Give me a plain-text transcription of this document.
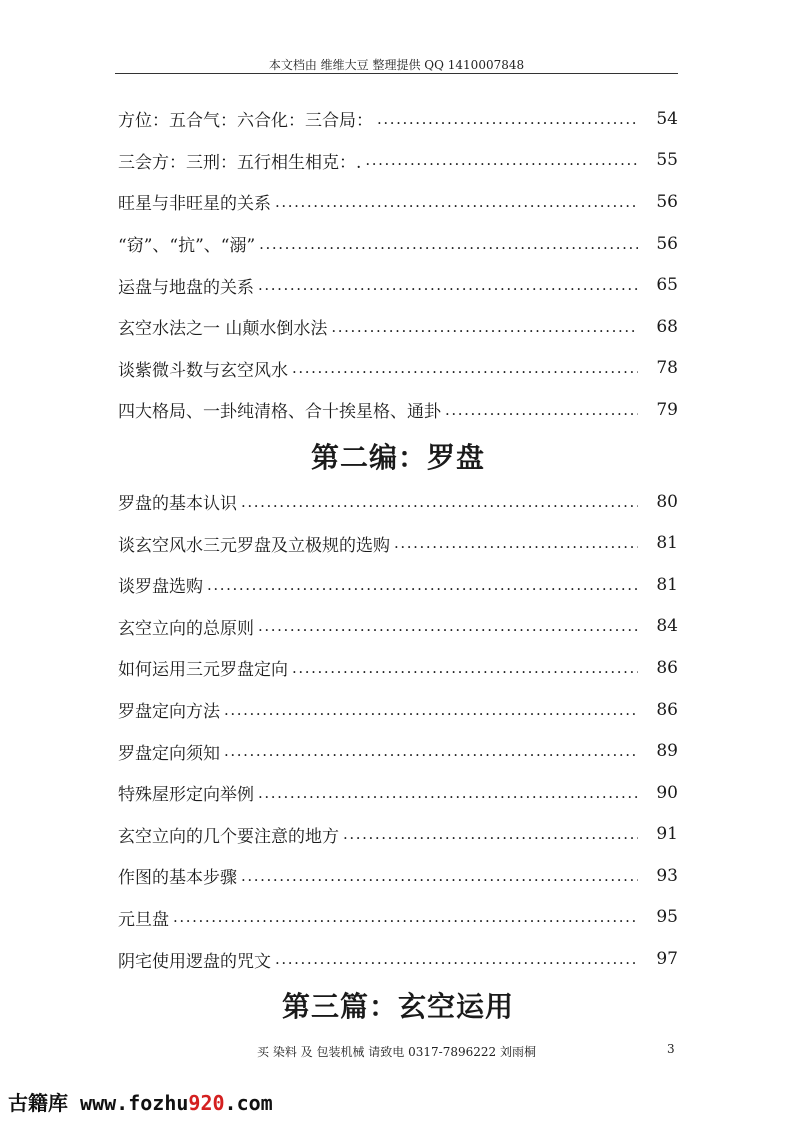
本文档由 维维大豆 整理提供 QQ 1410007848
方位：五合气：六合化：三合局： .....	54
三会方：三刑：五行相生相克：. .....	55
旺星与非旺星的关系 .....	56
“窃”、“抗”、“溺” .....	56
运盘与地盘的关系 .....	65
玄空水法之一 山颠水倒水法 .....	68
谈紫微斗数与玄空风水 .....	78
四大格局、一卦纯清格、合十挨星格、通卦 .....	79
第二编：罗盘
罗盘的基本认识 .....	80
谈玄空风水三元罗盘及立极规的选购 .....	81
谈罗盘选购 .....	81
玄空立向的总原则 .....	84
如何运用三元罗盘定向 .....	86
罗盘定向方法 .....	86
罗盘定向须知 .....	89
特殊屋形定向举例 .....	90
玄空立向的几个要注意的地方 .....	91
作图的基本步骤 .....	93
元旦盘 .....	95
阴宅使用逻盘的咒文 .....	97
第三篇：玄空运用
买 染料 及 包装机械 请致电 0317-7896222 刘雨桐	3
古籍库 www.fozhu920.com
